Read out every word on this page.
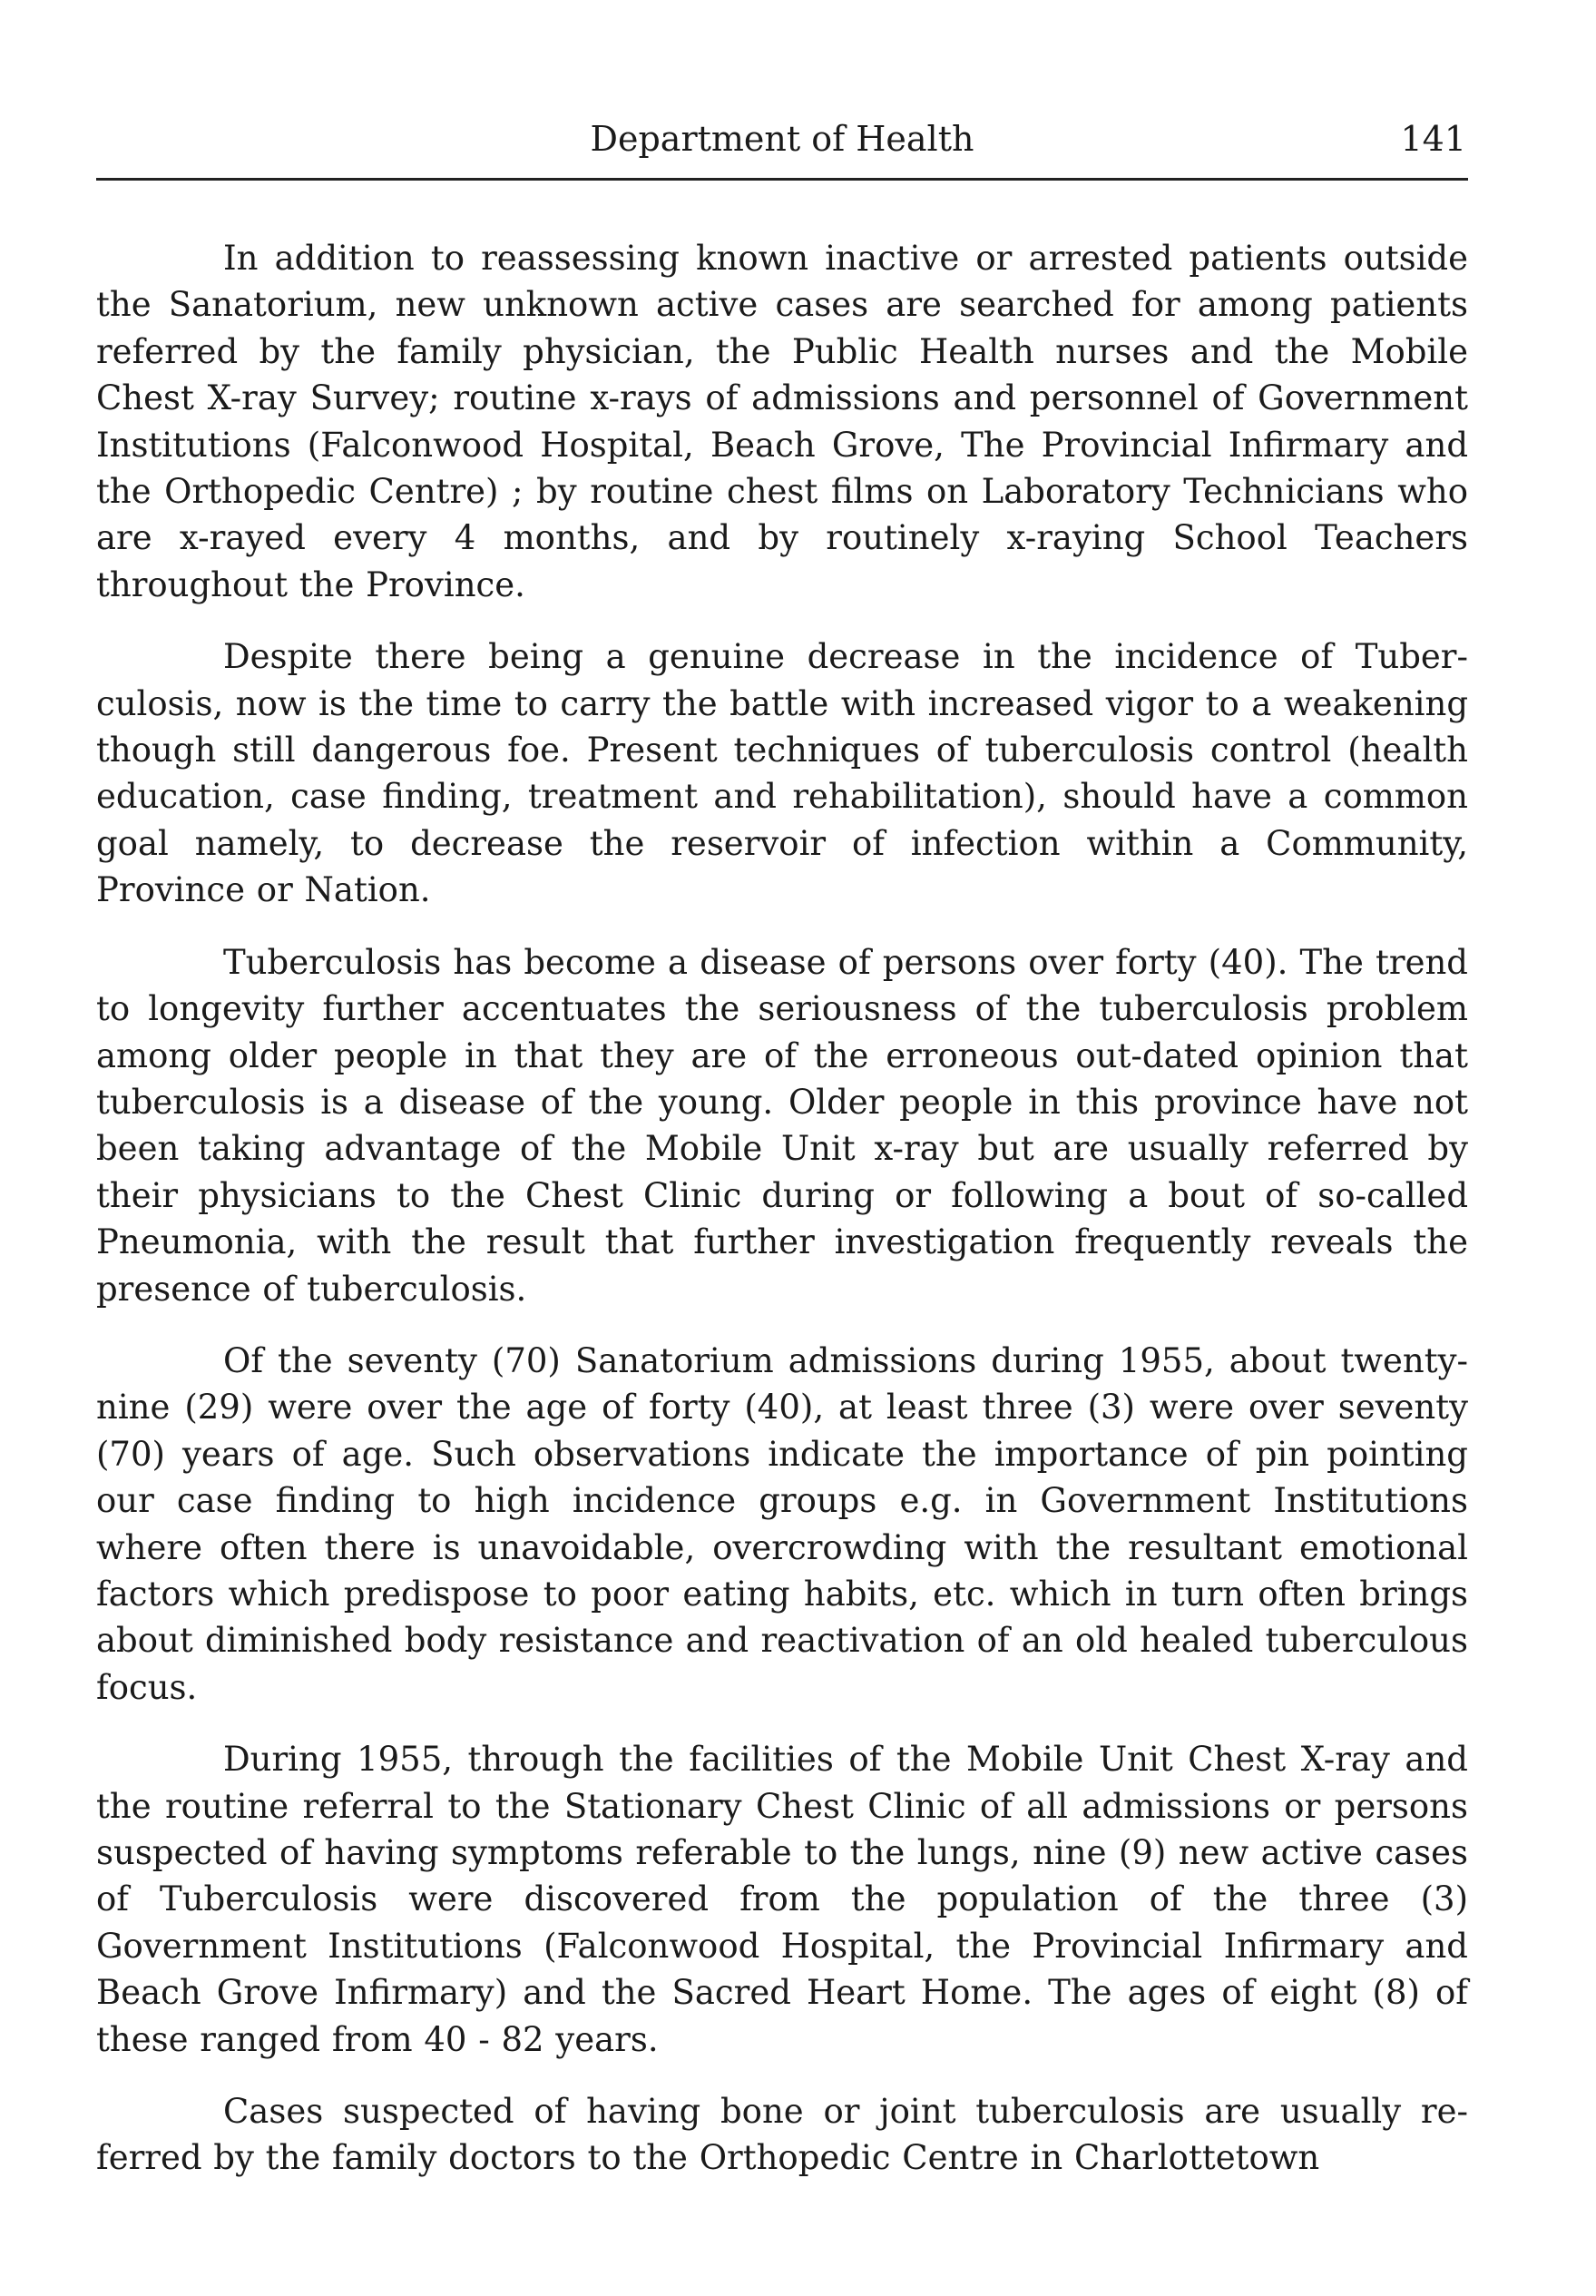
Department of Health	141

In addition to reassessing known inactive or arrested patients outside the Sanatorium, new unknown active cases are searched for among patients referred by the family physician, the Public Health nurses and the Mobile Chest X-ray Survey; routine x-rays of admissions and personnel of Government Institutions (Falconwood Hospital, Beach Grove, The Provincial Infirmary and the Orthopedic Centre) ; by routine chest films on Laboratory Technicians who are x-rayed every 4 months, and by routinely x-raying School Teachers throughout the Province.

Despite there being a genuine decrease in the incidence of Tuberculosis, now is the time to carry the battle with increased vigor to a weakening though still dangerous foe. Present techniques of tuberculosis control (health education, case finding, treatment and rehabilitation), should have a common goal namely, to decrease the reservoir of infection within a Community, Province or Nation.

Tuberculosis has become a disease of persons over forty (40). The trend to longevity further accentuates the seriousness of the tuberculosis problem among older people in that they are of the erroneous out-dated opinion that tuberculosis is a disease of the young. Older people in this province have not been taking advantage of the Mobile Unit x-ray but are usually referred by their physicians to the Chest Clinic during or following a bout of so-called Pneumonia, with the result that further investigation frequently reveals the presence of tuberculosis.

Of the seventy (70) Sanatorium admissions during 1955, about twenty-nine (29) were over the age of forty (40), at least three (3) were over seventy (70) years of age. Such observations indicate the importance of pin pointing our case finding to high incidence groups e.g. in Government Institutions where often there is unavoidable, overcrowding with the resultant emotional factors which predispose to poor eating habits, etc. which in turn often brings about diminished body resistance and reactivation of an old healed tuberculous focus.

During 1955, through the facilities of the Mobile Unit Chest X-ray and the routine referral to the Stationary Chest Clinic of all admissions or persons suspected of having symptoms referable to the lungs, nine (9) new active cases of Tuberculosis were discovered from the population of the three (3) Government Institutions (Falconwood Hospital, the Provincial Infirmary and Beach Grove Infirmary) and the Sacred Heart Home. The ages of eight (8) of these ranged from 40 - 82 years.

Cases suspected of having bone or joint tuberculosis are usually referred by the family doctors to the Orthopedic Centre in Charlottetown
